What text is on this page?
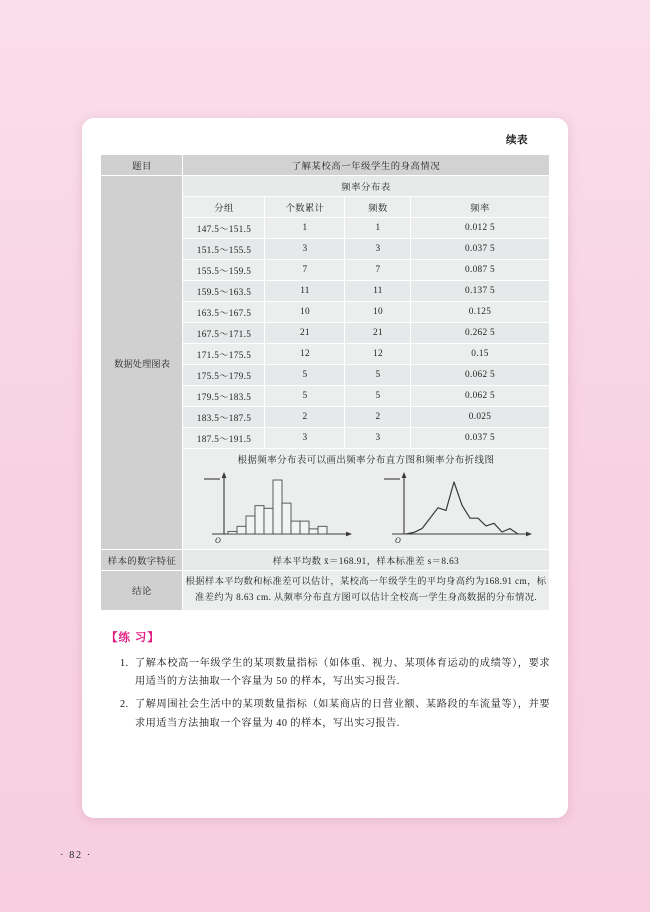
续表
题目	了解某校高一年级学生的身高情况			
数据处理图表	频率分布表			
	分组	个数累计	频数	频率
	147.5～151.5	1	1	0.012 5
	151.5～155.5	3	3	0.037 5
	155.5～159.5	7	7	0.087 5
	159.5～163.5	11	11	0.137 5
	163.5～167.5	10	10	0.125
	167.5～171.5	21	21	0.262 5
	171.5～175.5	12	12	0.15
	175.5～179.5	5	5	0.062 5
	179.5～183.5	5	5	0.062 5
	183.5～187.5	2	2	0.025
	187.5～191.5	3	3	0.037 5

	根据频率分布表可以画出频率分布直方图和频率分布折线图
O O			

样本的数字特征	样本平均数 x̄＝168.91，样本标准差 s＝8.63			
结论	根据样本平均数和标准差可以估计，某校高一年级学生的平均身高约为168.91 cm，标准差约为 8.63 cm. 从频率分布直方图可以估计全校高一学生身高数据的分布情况.			
【练 习】
了解本校高一年级学生的某项数量指标（如体重、视力、某项体育运动的成绩等），要求用适当的方法抽取一个容量为 50 的样本，写出实习报告.
了解周围社会生活中的某项数量指标（如某商店的日营业额、某路段的车流量等），并要求用适当方法抽取一个容量为 40 的样本，写出实习报告.
· 82 ·
